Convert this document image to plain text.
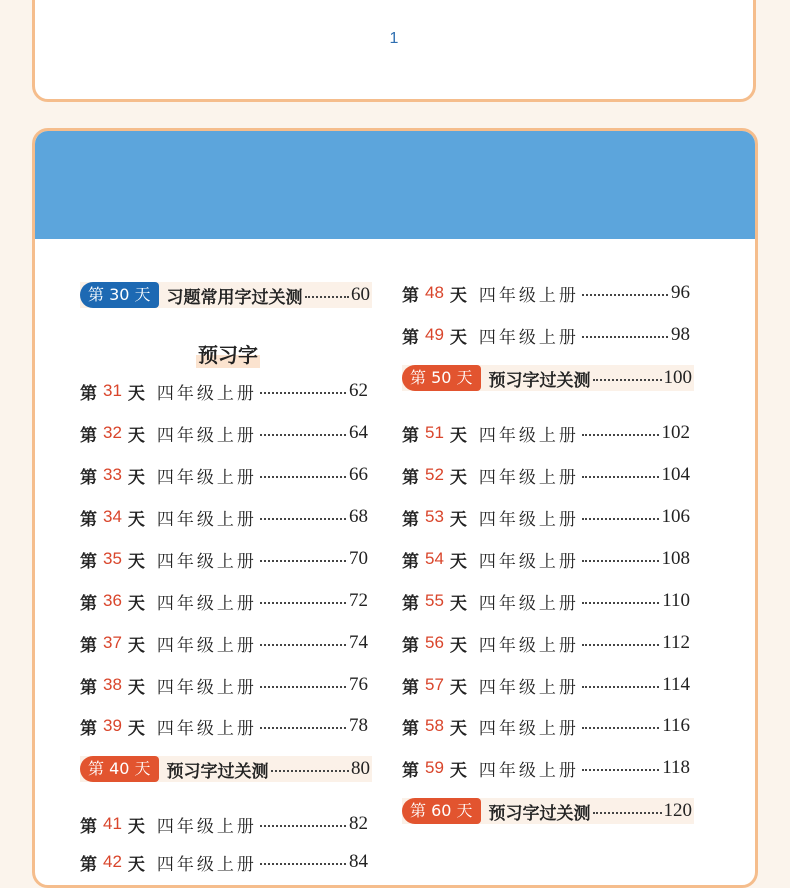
1
预习字
第 30 天 习题常用字过关测	60
第 40 天 预习字过关测	80
第 50 天 预习字过关测	100
第 60 天 预习字过关测	120
第 31 天 四年级上册	62
第 32 天 四年级上册	64
第 33 天 四年级上册	66
第 34 天 四年级上册	68
第 35 天 四年级上册	70
第 36 天 四年级上册	72
第 37 天 四年级上册	74
第 38 天 四年级上册	76
第 39 天 四年级上册	78
第 41 天 四年级上册	82
第 42 天 四年级上册	84
第 48 天 四年级上册	96
第 49 天 四年级上册	98
第 51 天 四年级上册	102
第 52 天 四年级上册	104
第 53 天 四年级上册	106
第 54 天 四年级上册	108
第 55 天 四年级上册	110
第 56 天 四年级上册	112
第 57 天 四年级上册	114
第 58 天 四年级上册	116
第 59 天 四年级上册	118
